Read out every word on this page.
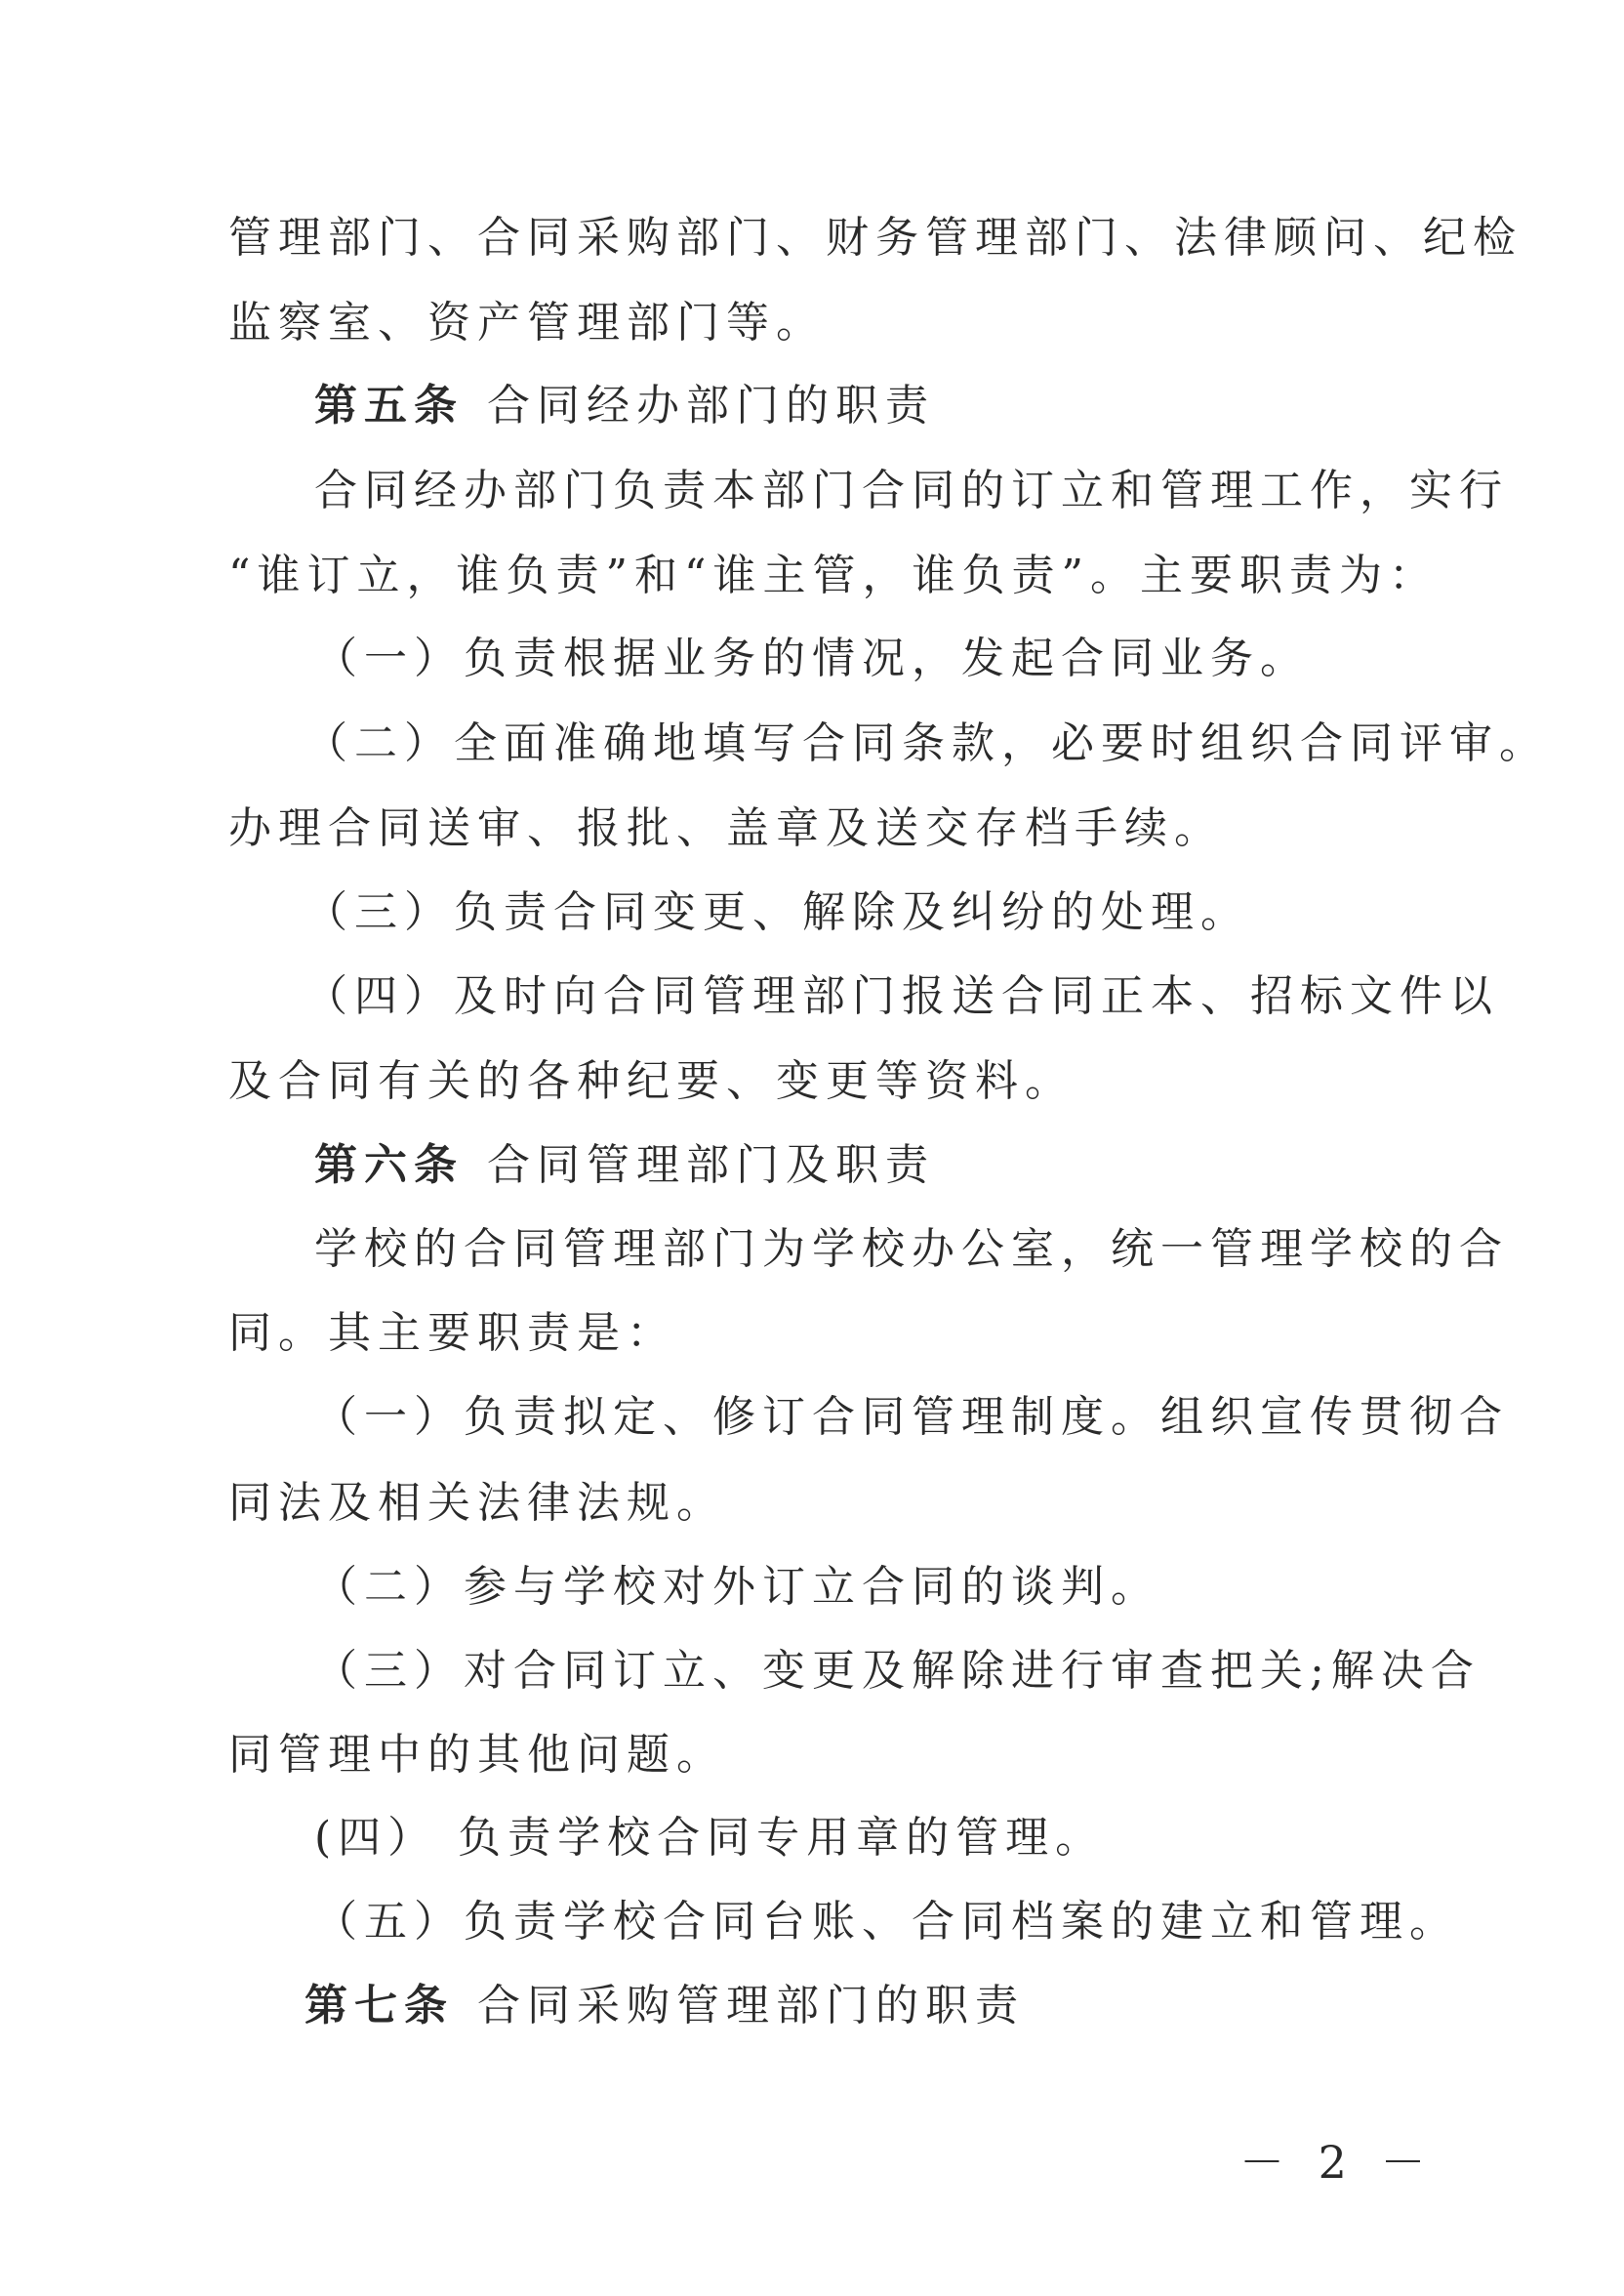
管理部门、合同采购部门、财务管理部门、法律顾问、纪检
监察室、资产管理部门等。
第五条 合同经办部门的职责
合同经办部门负责本部门合同的订立和管理工作，实行
“谁订立，谁负责”和“谁主管，谁负责”。主要职责为：
（一）负责根据业务的情况，发起合同业务。
（二）全面准确地填写合同条款，必要时组织合同评审。
办理合同送审、报批、盖章及送交存档手续。
（三）负责合同变更、解除及纠纷的处理。
（四）及时向合同管理部门报送合同正本、招标文件以
及合同有关的各种纪要、变更等资料。
第六条 合同管理部门及职责
学校的合同管理部门为学校办公室，统一管理学校的合
同。其主要职责是：
（一）负责拟定、修订合同管理制度。组织宣传贯彻合
同法及相关法律法规。
（二）参与学校对外订立合同的谈判。
（三）对合同订立、变更及解除进行审查把关;解决合
同管理中的其他问题。
(四） 负责学校合同专用章的管理。
（五）负责学校合同台账、合同档案的建立和管理。
第七条 合同采购管理部门的职责
－ 2 －
